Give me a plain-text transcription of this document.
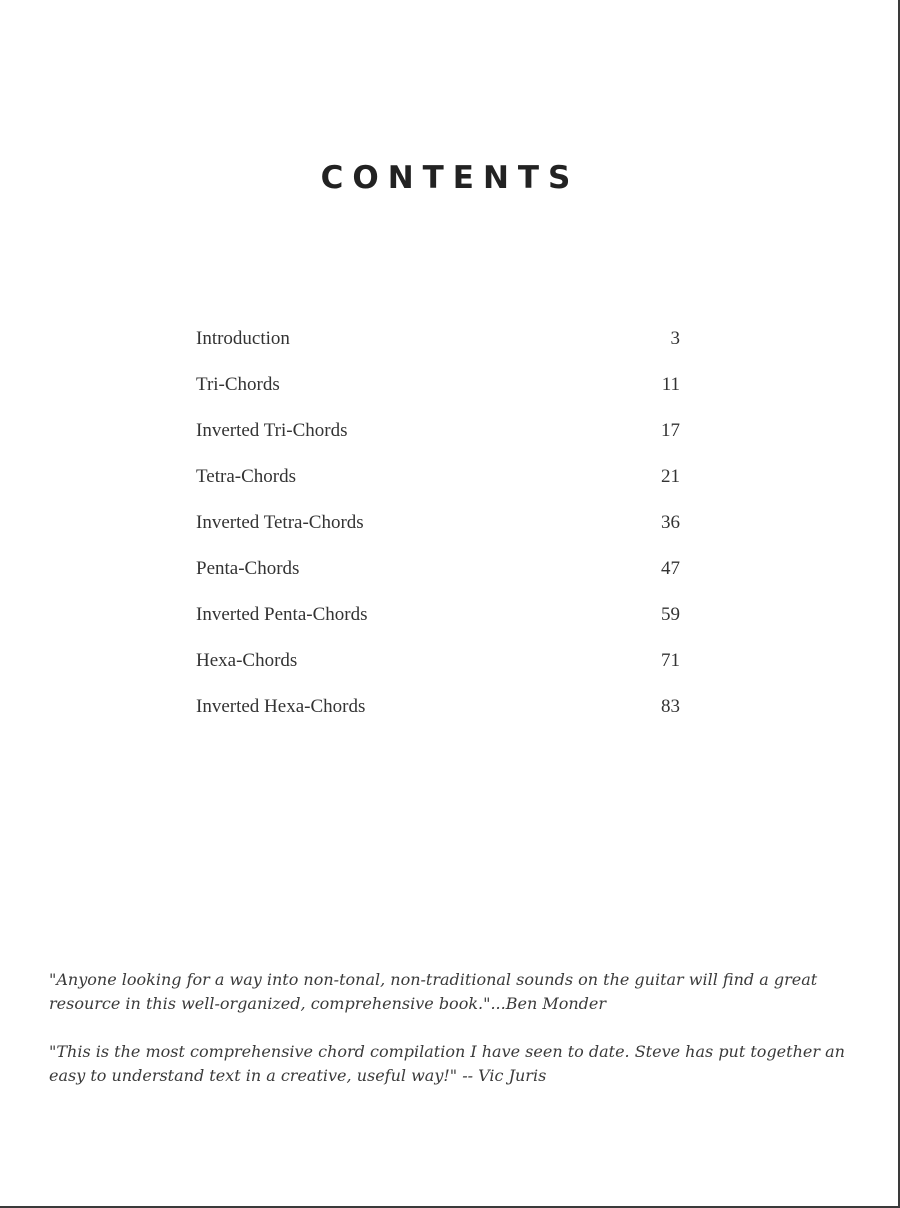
CONTENTS
Introduction	3
Tri-Chords	11
Inverted Tri-Chords	17
Tetra-Chords	21
Inverted Tetra-Chords	36
Penta-Chords	47
Inverted Penta-Chords	59
Hexa-Chords	71
Inverted Hexa-Chords	83

"Anyone looking for a way into non-tonal, non-traditional sounds on the guitar will find a great resource in this well-organized, comprehensive book."...Ben Monder

"This is the most comprehensive chord compilation I have seen to date. Steve has put together an easy to understand text in a creative, useful way!" -- Vic Juris
